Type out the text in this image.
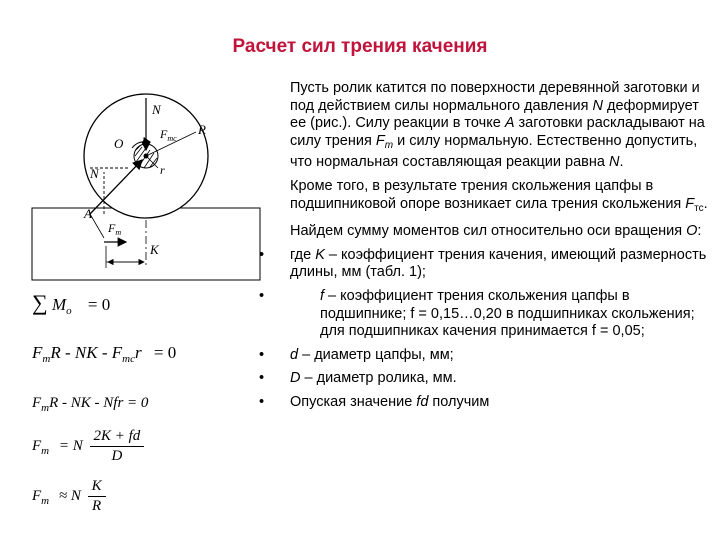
Расчет сил трения качения
N
$F_{mc}$
R
O
N	r
A
$F_m$
K
∑ $M_o = 0$
$F_mR$ - NK - $F_{mc}r = 0$
$F_mR$ - NK - Nfr = 0
$F_m = N \frac{2K + fd}{D}$
$F_m \approx N \frac{K}{R}$

Пусть ролик катится по поверхности деревянной заготовки и под действием силы нормального давления N деформирует ее (рис.). Силу реакции в точке A заготовки раскладывают на силу трения $F_m$ и силу нормальную. Естественно допустить, что нормальная составляющая реакции равна N.

Кроме того, в результате трения скольжения цапфы в подшипниковой опоре возникает сила трения скольжения $F_{тс}$.

Найдем сумму моментов сил относительно оси вращения O:

• где K – коэффициент трения качения, имеющий размерность длины, мм (табл. 1);
•	f – коэффициент трения скольжения цапфы в подшипнике; f = 0,15…0,20 в подшипниках скольжения; для подшипниках качения принимается f = 0,05;
• d – диаметр цапфы, мм;
• D – диаметр ролика, мм.
• Опуская значение fd получим
